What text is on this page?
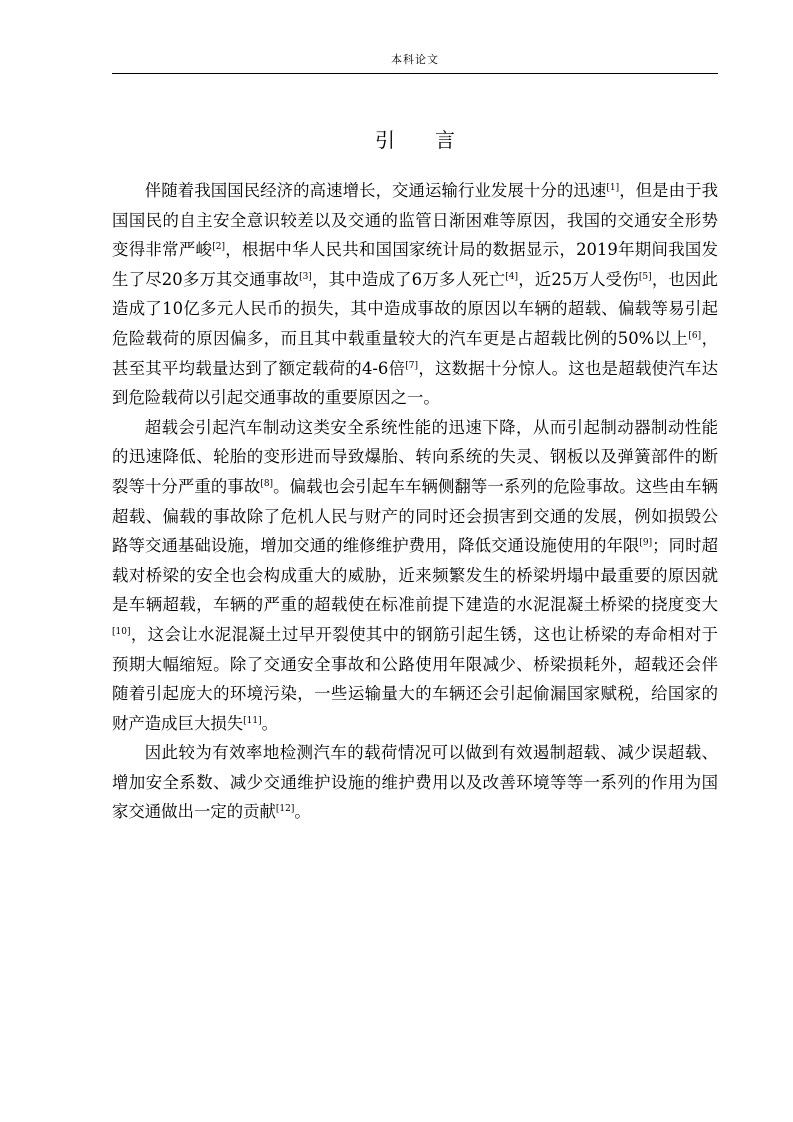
本科论文
引言

伴随着我国国民经济的高速增长，交通运输行业发展十分的迅速[1]，但是由于我国国民的自主安全意识较差以及交通的监管日渐困难等原因，我国的交通安全形势变得非常严峻[2]，根据中华人民共和国国家统计局的数据显示，2019年期间我国发生了尽20多万其交通事故[3]，其中造成了6万多人死亡[4]，近25万人受伤[5]，也因此造成了10亿多元人民币的损失，其中造成事故的原因以车辆的超载、偏载等易引起危险载荷的原因偏多，而且其中载重量较大的汽车更是占超载比例的50%以上[6]，甚至其平均载量达到了额定载荷的4-6倍[7]，这数据十分惊人。这也是超载使汽车达到危险载荷以引起交通事故的重要原因之一。

超载会引起汽车制动这类安全系统性能的迅速下降，从而引起制动器制动性能的迅速降低、轮胎的变形进而导致爆胎、转向系统的失灵、钢板以及弹簧部件的断裂等十分严重的事故[8]。偏载也会引起车车辆侧翻等一系列的危险事故。这些由车辆超载、偏载的事故除了危机人民与财产的同时还会损害到交通的发展，例如损毁公路等交通基础设施，增加交通的维修维护费用，降低交通设施使用的年限[9]；同时超载对桥梁的安全也会构成重大的威胁，近来频繁发生的桥梁坍塌中最重要的原因就是车辆超载，车辆的严重的超载使在标准前提下建造的水泥混凝土桥梁的挠度变大[10]，这会让水泥混凝土过早开裂使其中的钢筋引起生锈，这也让桥梁的寿命相对于预期大幅缩短。除了交通安全事故和公路使用年限减少、桥梁损耗外，超载还会伴随着引起庞大的环境污染，一些运输量大的车辆还会引起偷漏国家赋税，给国家的财产造成巨大损失[11]。

因此较为有效率地检测汽车的载荷情况可以做到有效遏制超载、减少误超载、增加安全系数、减少交通维护设施的维护费用以及改善环境等等一系列的作用为国家交通做出一定的贡献[12]。
